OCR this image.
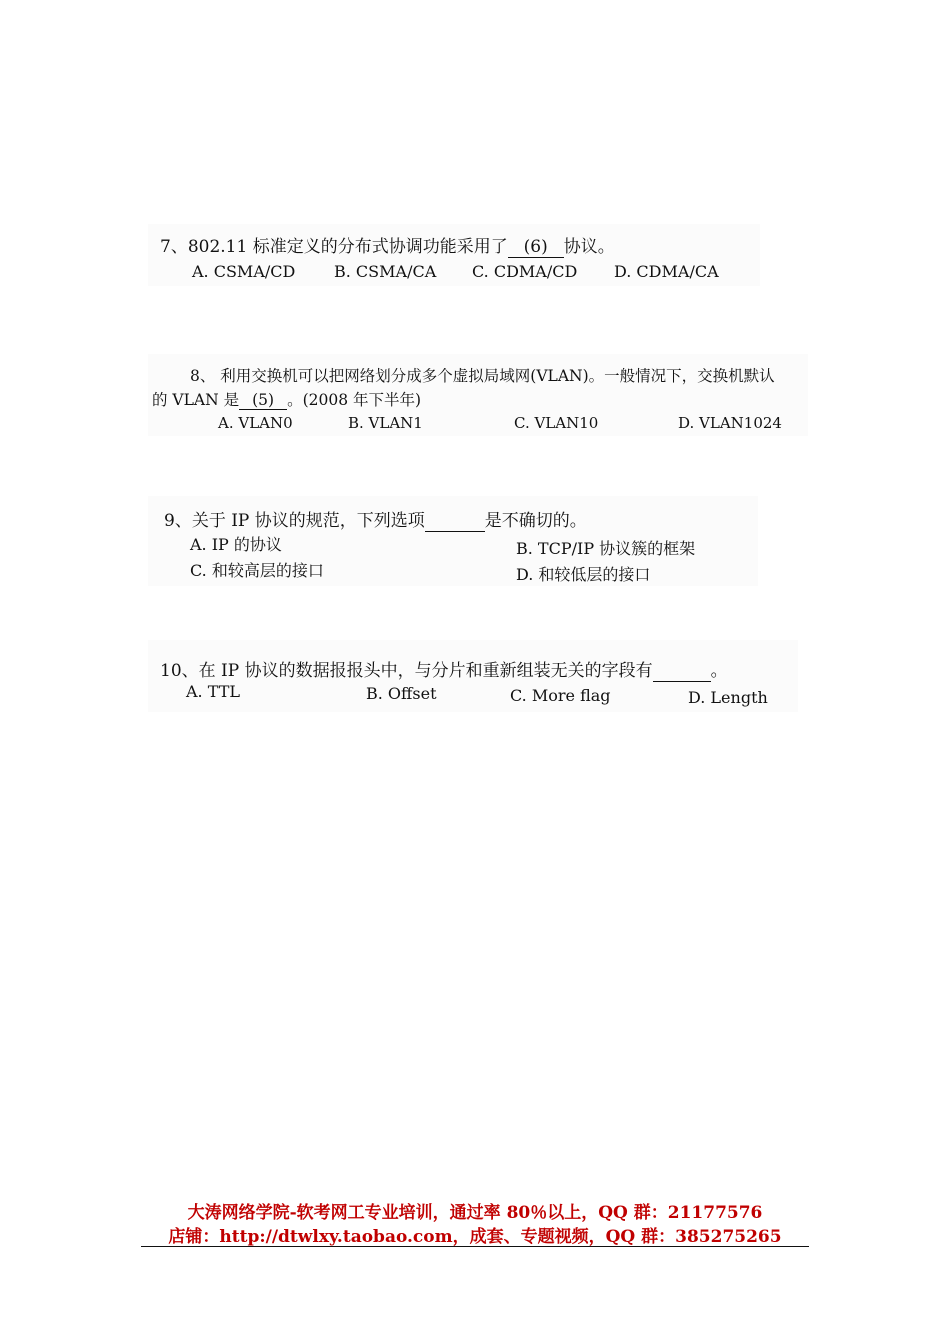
7、802.11 标准定义的分布式协调功能采用了 (6) 协议。
A. CSMA/CD B. CSMA/CA C. CDMA/CD D. CDMA/CA
8、 利用交换机可以把网络划分成多个虚拟局域网(VLAN)。一般情况下，交换机默认
的 VLAN 是 (5) 。(2008 年下半年)
A. VLAN0	B. VLAN1	C. VLAN10	D. VLAN1024
9、关于 IP 协议的规范，下列选项	是不确切的。
A. IP 的协议	B. TCP/IP 协议簇的框架
C. 和较高层的接口	D. 和较低层的接口
10、在 IP 协议的数据报报头中，与分片和重新组装无关的字段有	。
A. TTL	B. Offset	C. More flag	D. Length
大涛网络学院-软考网工专业培训，通过率 80％以上，QQ 群：21177576
店铺：http://dtwlxy.taobao.com，成套、专题视频，QQ 群：385275265
